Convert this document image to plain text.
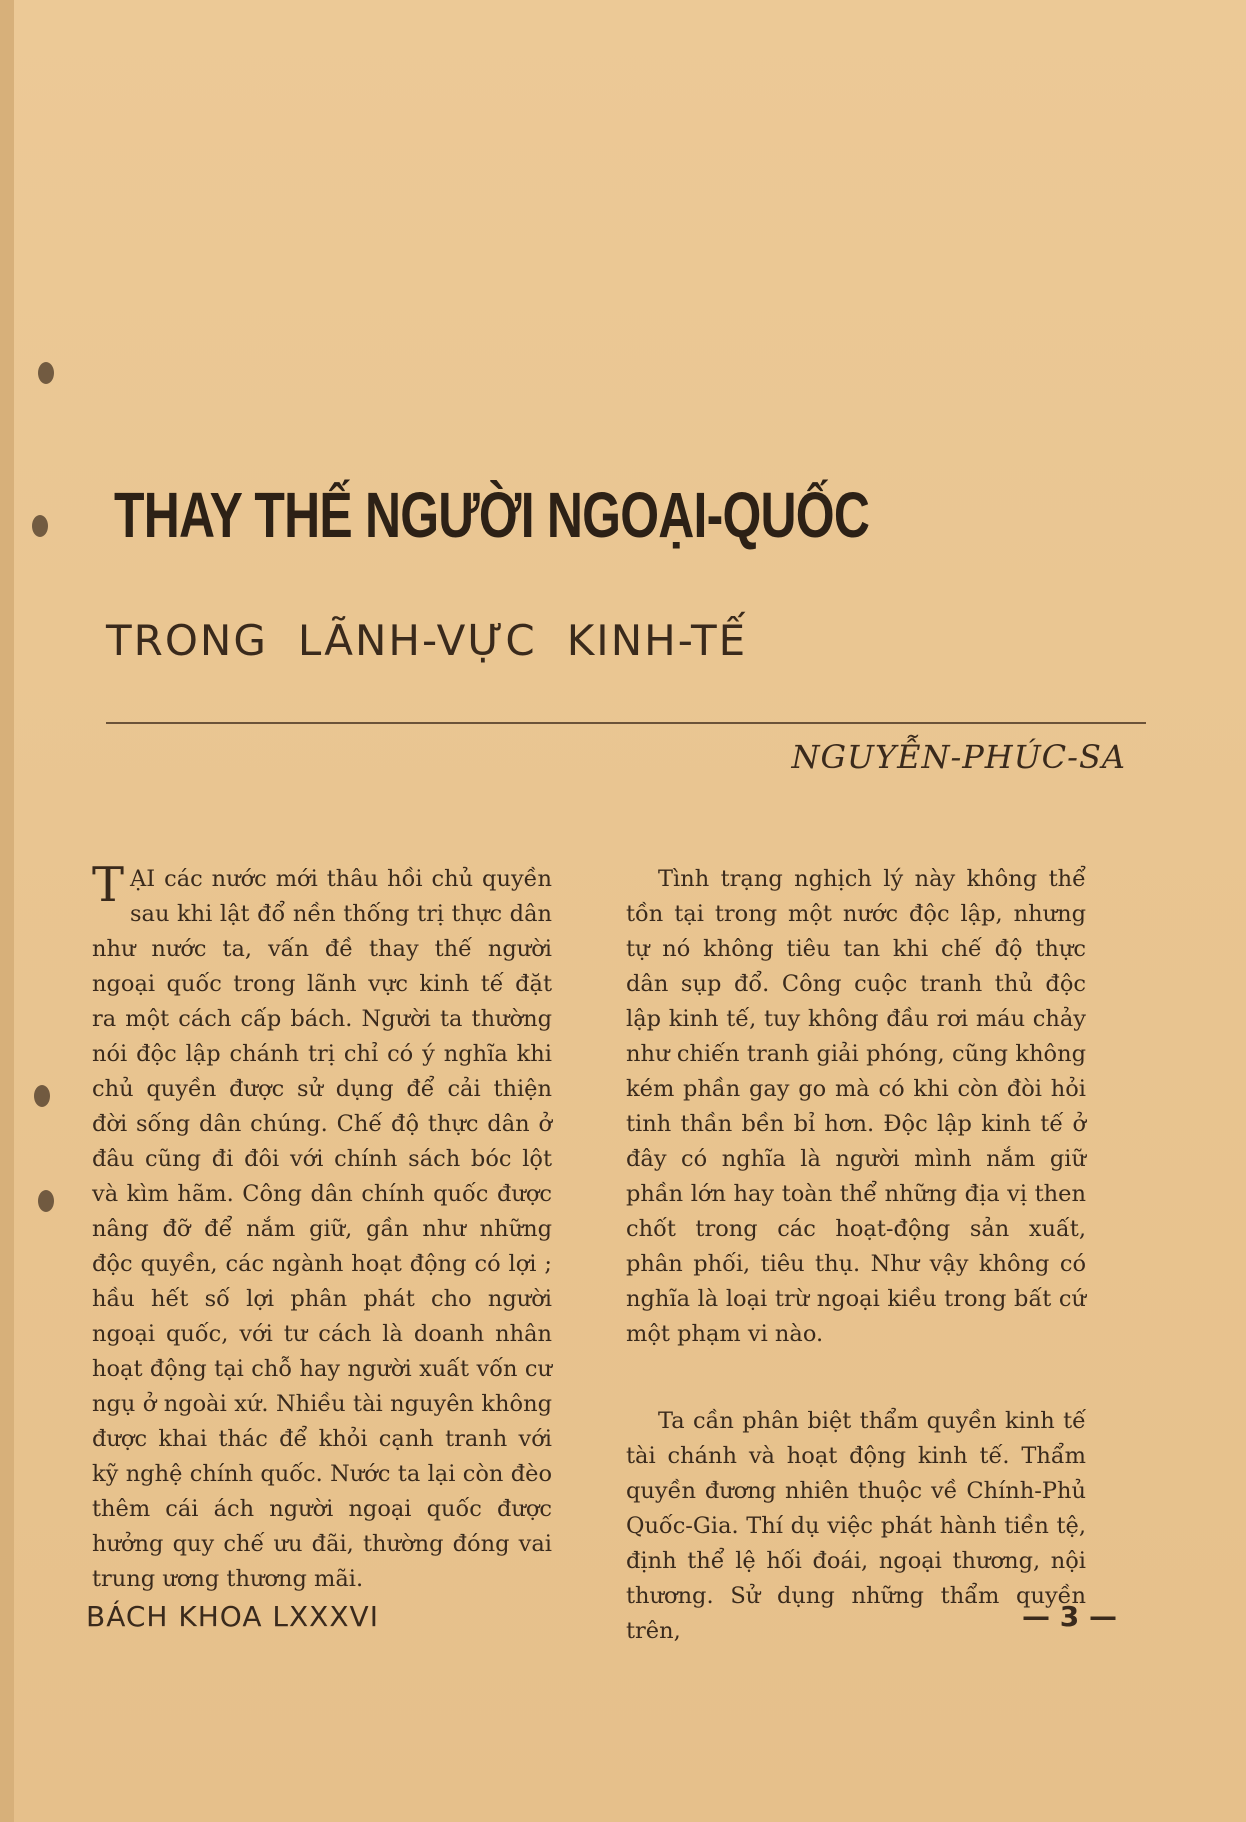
THAY THẾ NGƯỜI NGOẠI-QUỐC
TRONG LÃNH-VỰC KINH-TẾ
NGUYỄN-PHÚC-SA

TẠI các nước mới thâu hồi chủ quyền sau khi lật đổ nền thống trị thực dân như nước ta, vấn đề thay thế người ngoại quốc trong lãnh vực kinh tế đặt ra một cách cấp bách. Người ta thường nói độc lập chánh trị chỉ có ý nghĩa khi chủ quyền được sử dụng để cải thiện đời sống dân chúng. Chế độ thực dân ở đâu cũng đi đôi với chính sách bóc lột và kìm hãm. Công dân chính quốc được nâng đỡ để nắm giữ, gần như những độc quyền, các ngành hoạt động có lợi ; hầu hết số lợi phân phát cho người ngoại quốc, với tư cách là doanh nhân hoạt động tại chỗ hay người xuất vốn cư ngụ ở ngoài xứ. Nhiều tài nguyên không được khai thác để khỏi cạnh tranh với kỹ nghệ chính quốc. Nước ta lại còn đèo thêm cái ách người ngoại quốc được hưởng quy chế ưu đãi, thường đóng vai trung ương thương mãi.

Tình trạng nghịch lý này không thể tồn tại trong một nước độc lập, nhưng tự nó không tiêu tan khi chế độ thực dân sụp đổ. Công cuộc tranh thủ độc lập kinh tế, tuy không đầu rơi máu chảy như chiến tranh giải phóng, cũng không kém phần gay go mà có khi còn đòi hỏi tinh thần bền bỉ hơn. Độc lập kinh tế ở đây có nghĩa là người mình nắm giữ phần lớn hay toàn thể những địa vị then chốt trong các hoạt-động sản xuất, phân phối, tiêu thụ. Như vậy không có nghĩa là loại trừ ngoại kiều trong bất cứ một phạm vi nào.

Ta cần phân biệt thẩm quyền kinh tế tài chánh và hoạt động kinh tế. Thẩm quyền đương nhiên thuộc về Chính-Phủ Quốc-Gia. Thí dụ việc phát hành tiền tệ, định thể lệ hối đoái, ngoại thương, nội thương. Sử dụng những thẩm quyền trên,

BÁCH KHOA LXXXVI	— 3 —
